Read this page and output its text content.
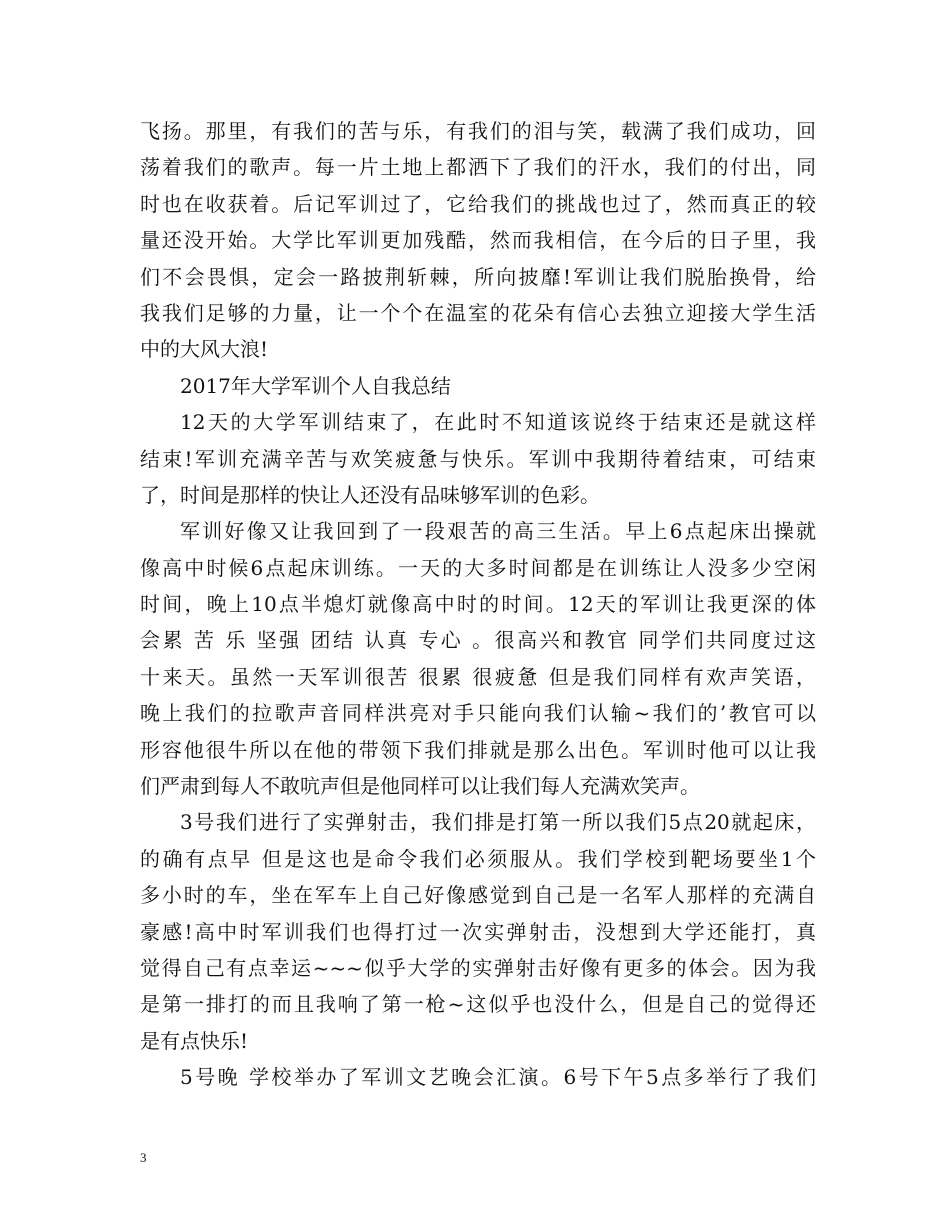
飞扬。那里，有我们的苦与乐，有我们的泪与笑，载满了我们成功，回
荡着我们的歌声。每一片土地上都洒下了我们的汗水，我们的付出，同
时也在收获着。后记军训过了，它给我们的挑战也过了，然而真正的较
量还没开始。大学比军训更加残酷，然而我相信，在今后的日子里，我
们不会畏惧，定会一路披荆斩棘，所向披靡!军训让我们脱胎换骨，给
我我们足够的力量，让一个个在温室的花朵有信心去独立迎接大学生活
中的大风大浪!
2017年大学军训个人自我总结
12天的大学军训结束了，在此时不知道该说终于结束还是就这样
结束!军训充满辛苦与欢笑疲惫与快乐。军训中我期待着结束，可结束
了，时间是那样的快让人还没有品味够军训的色彩。
军训好像又让我回到了一段艰苦的高三生活。早上6点起床出操就
像高中时候6点起床训练。一天的大多时间都是在训练让人没多少空闲
时间，晚上10点半熄灯就像高中时的时间。12天的军训让我更深的体
会累 苦 乐 坚强 团结 认真 专心 。很高兴和教官 同学们共同度过这
十来天。虽然一天军训很苦 很累 很疲惫 但是我们同样有欢声笑语，
晚上我们的拉歌声音同样洪亮对手只能向我们认输~我们的’教官可以
形容他很牛所以在他的带领下我们排就是那么出色。军训时他可以让我
们严肃到每人不敢吭声但是他同样可以让我们每人充满欢笑声。
3号我们进行了实弹射击，我们排是打第一所以我们5点20就起床，
的确有点早 但是这也是命令我们必须服从。我们学校到靶场要坐1个
多小时的车，坐在军车上自己好像感觉到自己是一名军人那样的充满自
豪感!高中时军训我们也得打过一次实弹射击，没想到大学还能打，真
觉得自己有点幸运~~~似乎大学的实弹射击好像有更多的体会。因为我
是第一排打的而且我响了第一枪~这似乎也没什么，但是自己的觉得还
是有点快乐!
5号晚 学校举办了军训文艺晚会汇演。6号下午5点多举行了我们
3
